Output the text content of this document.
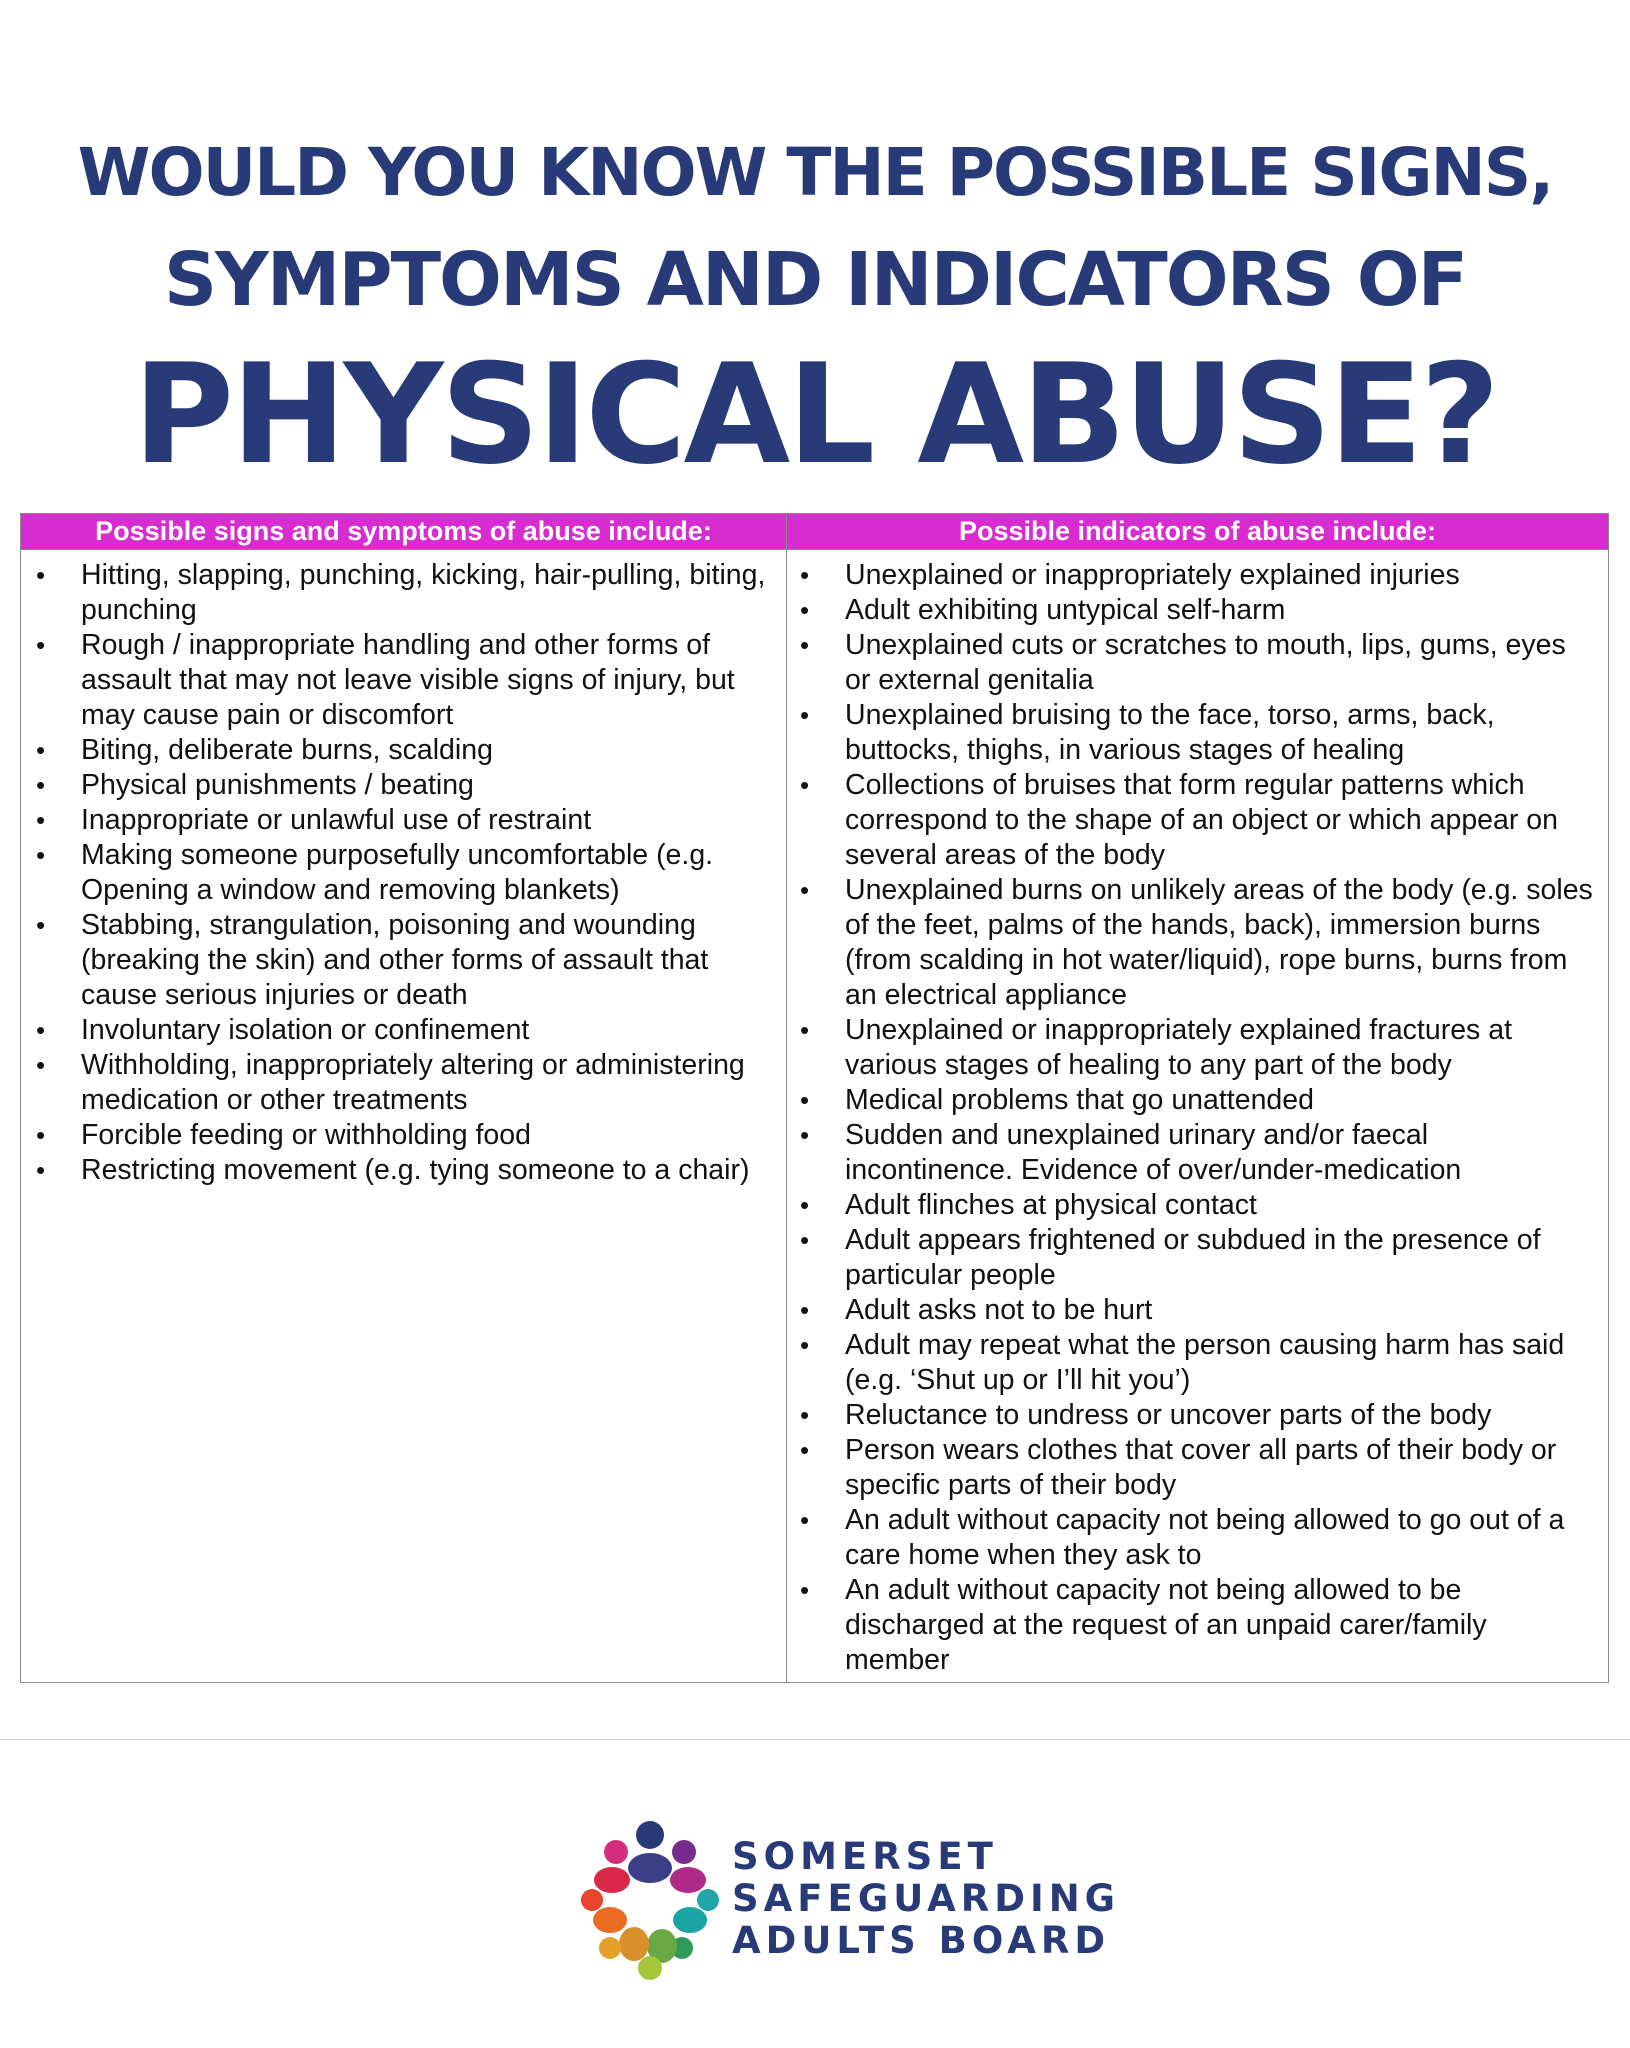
WOULD YOU KNOW THE POSSIBLE SIGNS,
SYMPTOMS AND INDICATORS OF
PHYSICAL ABUSE?
Possible signs and symptoms of abuse include:	Possible indicators of abuse include:
• Hitting, slapping, punching, kicking, hair-pulling, biting, punching
• Rough / inappropriate handling and other forms of assault that may not leave visible signs of injury, but may cause pain or discomfort
• Biting, deliberate burns, scalding
• Physical punishments / beating
• Inappropriate or unlawful use of restraint
• Making someone purposefully uncomfortable (e.g. Opening a window and removing blankets)
• Stabbing, strangulation, poisoning and wounding (breaking the skin) and other forms of assault that cause serious injuries or death
• Involuntary isolation or confinement
• Withholding, inappropriately altering or administering medication or other treatments
• Forcible feeding or withholding food
• Restricting movement (e.g. tying someone to a chair)
• Unexplained or inappropriately explained injuries
• Adult exhibiting untypical self-harm
• Unexplained cuts or scratches to mouth, lips, gums, eyes or external genitalia
• Unexplained bruising to the face, torso, arms, back, buttocks, thighs, in various stages of healing
• Collections of bruises that form regular patterns which correspond to the shape of an object or which appear on several areas of the body
• Unexplained burns on unlikely areas of the body (e.g. soles of the feet, palms of the hands, back), immersion burns (from scalding in hot water/liquid), rope burns, burns from an electrical appliance
• Unexplained or inappropriately explained fractures at various stages of healing to any part of the body
• Medical problems that go unattended
• Sudden and unexplained urinary and/or faecal incontinence. Evidence of over/under-medication
• Adult flinches at physical contact
• Adult appears frightened or subdued in the presence of particular people
• Adult asks not to be hurt
• Adult may repeat what the person causing harm has said (e.g. ‘Shut up or I’ll hit you’)
• Reluctance to undress or uncover parts of the body
• Person wears clothes that cover all parts of their body or specific parts of their body
• An adult without capacity not being allowed to go out of a care home when they ask to
• An adult without capacity not being allowed to be discharged at the request of an unpaid carer/family member
SOMERSET
SAFEGUARDING
ADULTS BOARD
